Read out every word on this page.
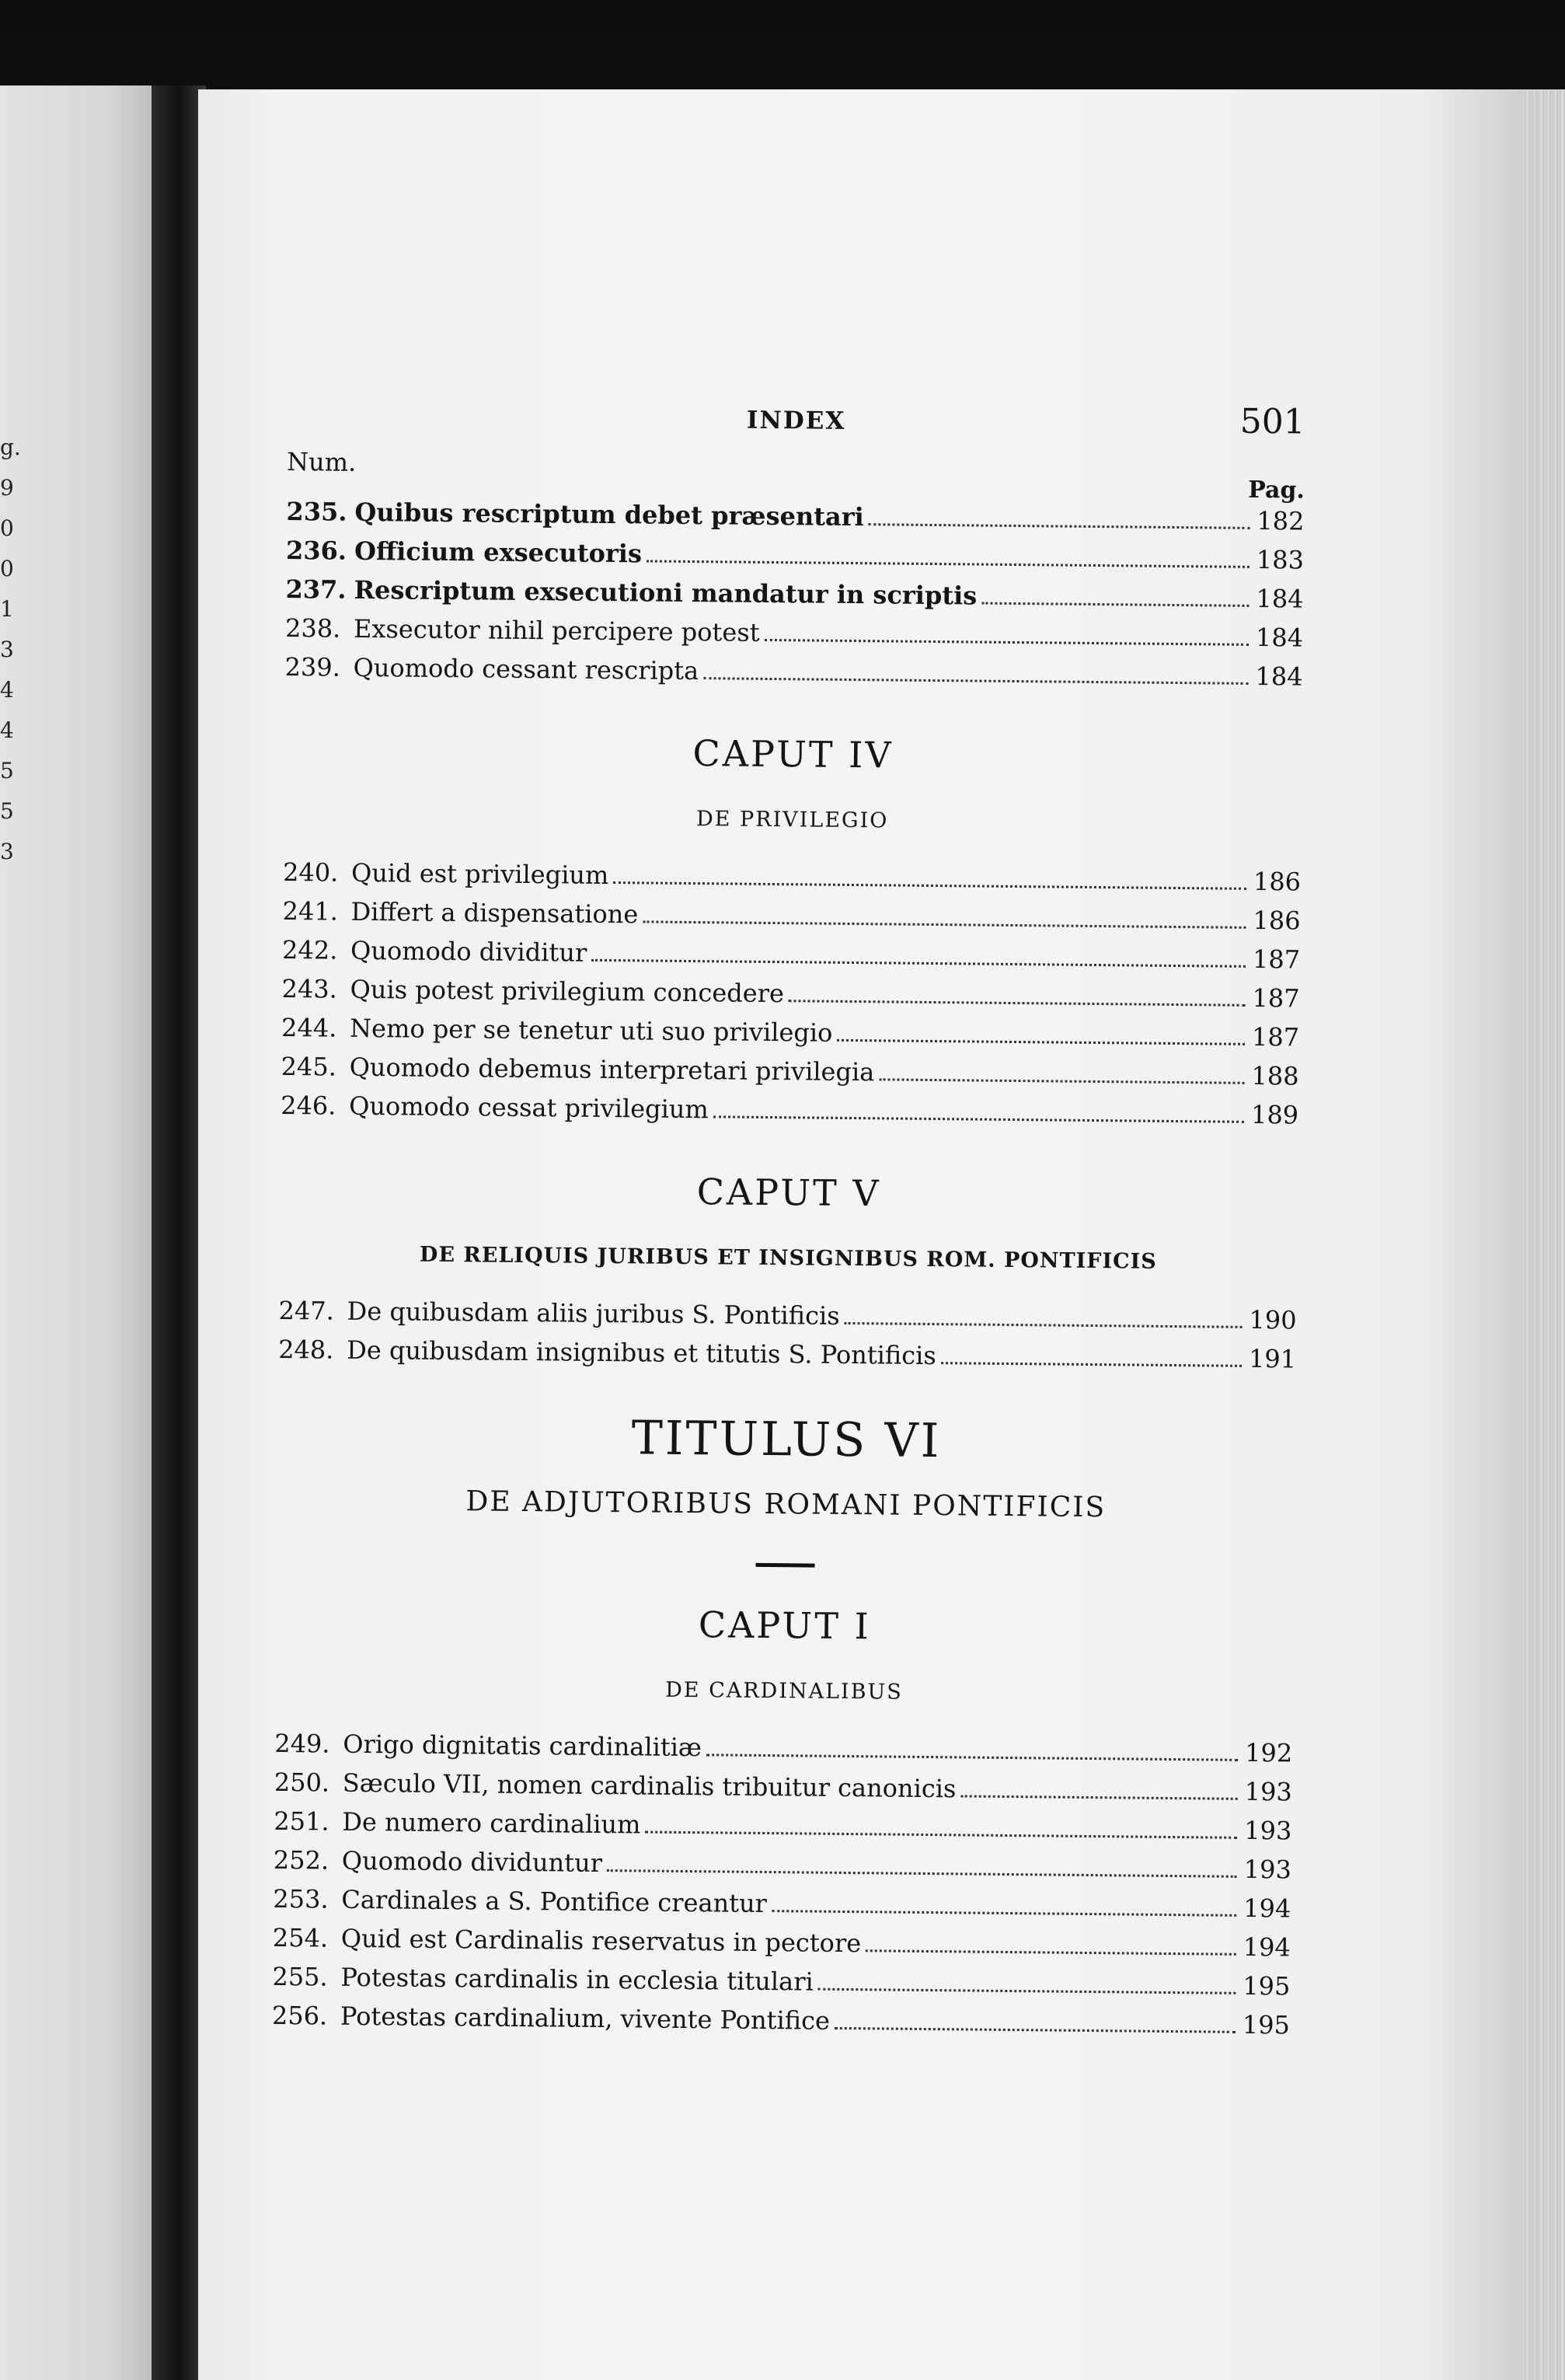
g.
9
0
0
1
3
4
4
5
5
3
INDEX	501
Num.
Pag.
235. Quibus rescriptum debet præsentari	182
236. Officium exsecutoris	183
237. Rescriptum exsecutioni mandatur in scriptis	184
238. Exsecutor nihil percipere potest	184
239. Quomodo cessant rescripta	184
CAPUT IV
DE PRIVILEGIO
240. Quid est privilegium	186
241. Differt a dispensatione	186
242. Quomodo dividitur	187
243. Quis potest privilegium concedere	187
244. Nemo per se tenetur uti suo privilegio	187
245. Quomodo debemus interpretari privilegia	188
246. Quomodo cessat privilegium	189
CAPUT V
DE RELIQUIS JURIBUS ET INSIGNIBUS ROM. PONTIFICIS
247. De quibusdam aliis juribus S. Pontificis	190
248. De quibusdam insignibus et titutis S. Pontificis	191
TITULUS VI
DE ADJUTORIBUS ROMANI PONTIFICIS
CAPUT I
DE CARDINALIBUS
249. Origo dignitatis cardinalitiæ	192
250. Sæculo VII, nomen cardinalis tribuitur canonicis	193
251. De numero cardinalium	193
252. Quomodo dividuntur	193
253. Cardinales a S. Pontifice creantur	194
254. Quid est Cardinalis reservatus in pectore	194
255. Potestas cardinalis in ecclesia titulari	195
256. Potestas cardinalium, vivente Pontifice	195
